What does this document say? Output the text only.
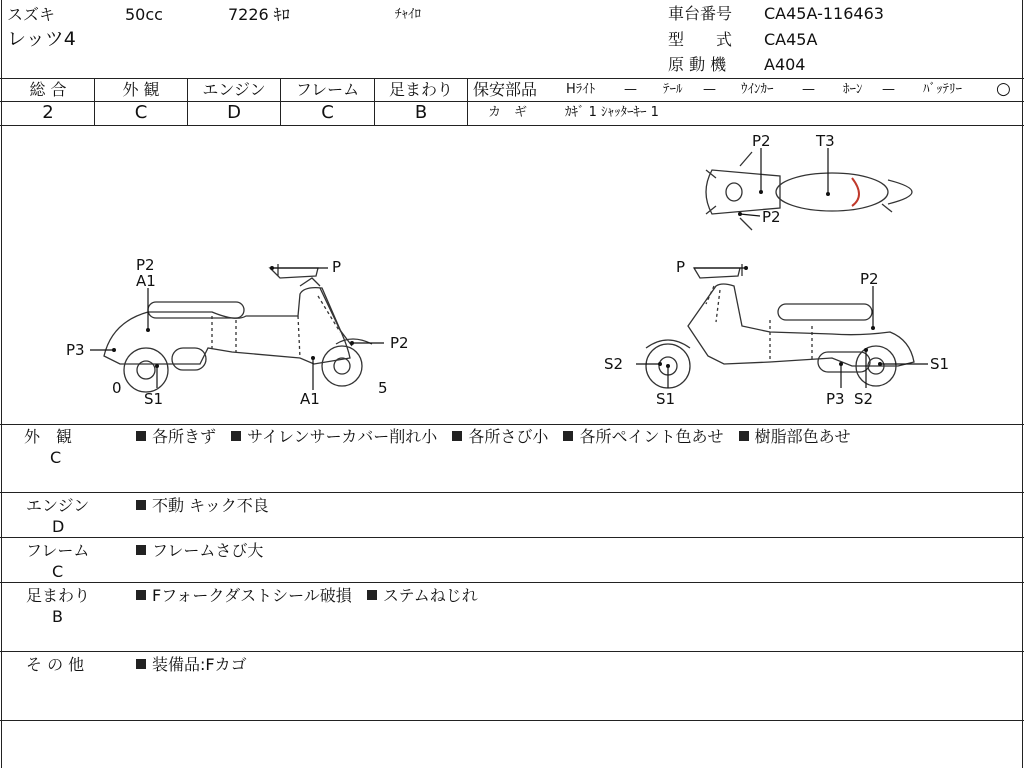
スズキ	50cc	7226 ｷﾛ	ﾁｬｲﾛ
レッツ4
車台番号 CA45A-116463
型　　式 CA45A
原 動 機 A404
総 合	外 観	エンジン	フレーム	足まわり
2	C	D	C	B
保安部品 Hﾗｲﾄ — ﾃｰﾙ — ｳｲﾝｶｰ — ﾎｰﾝ — ﾊﾞｯﾃﾘｰ ○
カ　ギ	ｶｷﾞ 1 ｼｬｯﾀｰｷｰ 1
P2
A1
P
P3	P2
0
S1	A1
5
P2	T3
P2
P
P2
S2	S1
S1	P3 S2
外　観
C
各所きず サイレンサーカバー削れ小 各所さび小 各所ペイント色あせ 樹脂部色あせ
エンジン
D
不動 キック不良
フレーム
C
フレームさび大
足まわり
B
Fフォークダストシール破損 ステムねじれ
そ の 他	装備品:Fカゴ
